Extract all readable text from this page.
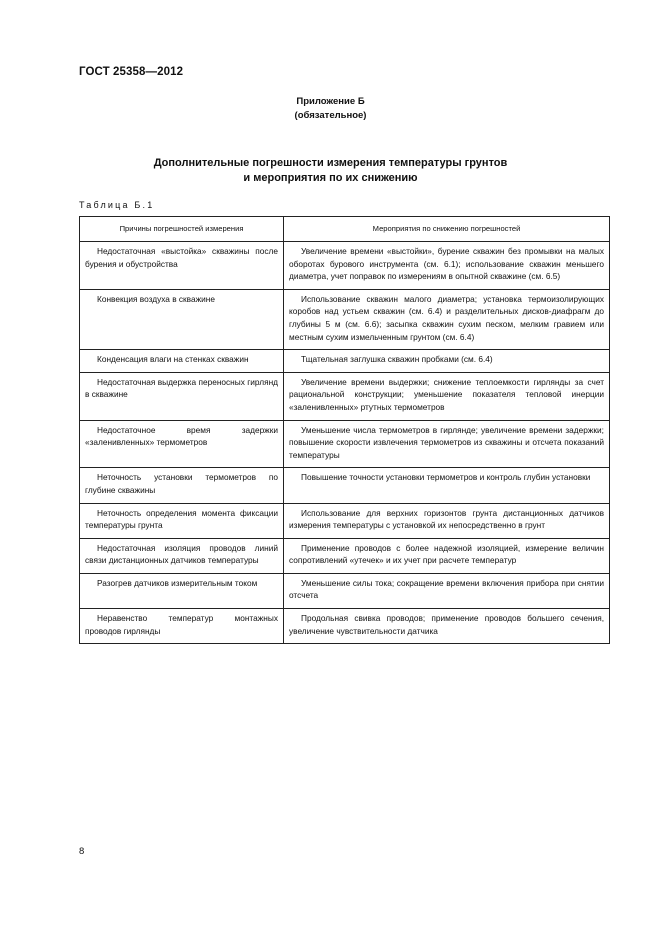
ГОСТ 25358—2012
Приложение Б
(обязательное)
Дополнительные погрешности измерения температуры грунтов
и мероприятия по их снижению
Таблица Б.1
Причины погрешностей измерения	Мероприятия по снижению погрешностей
Недостаточная «выстойка» скважины после бурения и обустройства	Увеличение времени «выстойки», бурение скважин без промывки на малых оборотах бурового инструмента (см. 6.1); использование скважин меньшего диаметра, учет поправок по измерениям в опытной скважине (см. 6.5)
Конвекция воздуха в скважине	Использование скважин малого диаметра; установка термоизолирующих коробов над устьем скважин (см. 6.4) и разделительных дисков-диафрагм до глубины 5 м (см. 6.6); засыпка скважин сухим песком, мелким гравием или местным сухим измельченным грунтом (см. 6.4)
Конденсация влаги на стенках скважин	Тщательная заглушка скважин пробками (см. 6.4)
Недостаточная выдержка переносных гирлянд в скважине	Увеличение времени выдержки; снижение теплоемкости гирлянды за счет рациональной конструкции; уменьшение показателя тепловой инерции «заленивленных» ртутных термометров
Недостаточное время задержки «заленивленных» термометров	Уменьшение числа термометров в гирлянде; увеличение времени задержки; повышение скорости извлечения термометров из скважины и отсчета показаний температуры
Неточность установки термометров по глубине скважины	Повышение точности установки термометров и контроль глубин установки
Неточность определения момента фиксации температуры грунта	Использование для верхних горизонтов грунта дистанционных датчиков измерения температуры с установкой их непосредственно в грунт
Недостаточная изоляция проводов линий связи дистанционных датчиков температуры	Применение проводов с более надежной изоляцией, измерение величин сопротивлений «утечек» и их учет при расчете температур
Разогрев датчиков измерительным током	Уменьшение силы тока; сокращение времени включения прибора при снятии отсчета
Неравенство температур монтажных проводов гирлянды	Продольная свивка проводов; применение проводов большего сечения, увеличение чувствительности датчика
8
